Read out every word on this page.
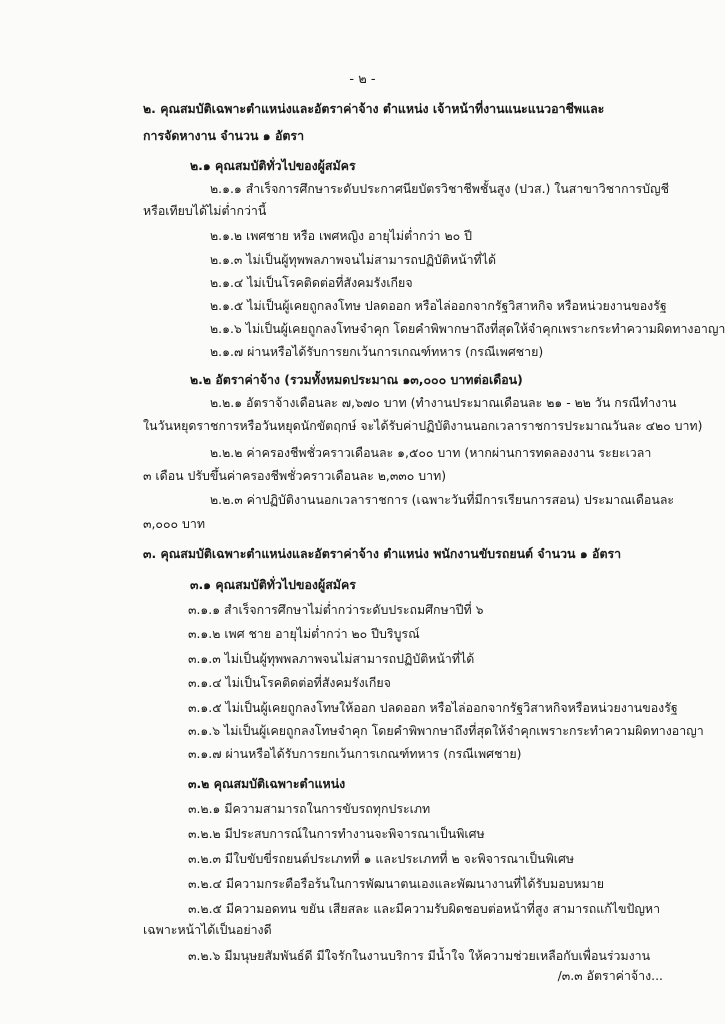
- ๒ -
๒. คุณสมบัติเฉพาะตำแหน่งและอัตราค่าจ้าง ตำแหน่ง เจ้าหน้าที่งานแนะแนวอาชีพและ
การจัดหางาน จำนวน ๑ อัตรา
๒.๑ คุณสมบัติทั่วไปของผู้สมัคร
๒.๑.๑ สำเร็จการศึกษาระดับประกาศนียบัตรวิชาชีพชั้นสูง (ปวส.) ในสาขาวิชาการบัญชี
หรือเทียบได้ไม่ต่ำกว่านี้
๒.๑.๒ เพศชาย หรือ เพศหญิง อายุไม่ต่ำกว่า ๒๐ ปี
๒.๑.๓ ไม่เป็นผู้ทุพพลภาพจนไม่สามารถปฏิบัติหน้าที่ได้
๒.๑.๔ ไม่เป็นโรคติดต่อที่สังคมรังเกียจ
๒.๑.๕ ไม่เป็นผู้เคยถูกลงโทษ ปลดออก หรือไล่ออกจากรัฐวิสาหกิจ หรือหน่วยงานของรัฐ
๒.๑.๖ ไม่เป็นผู้เคยถูกลงโทษจำคุก โดยคำพิพากษาถึงที่สุดให้จำคุกเพราะกระทำความผิดทางอาญา
๒.๑.๗ ผ่านหรือได้รับการยกเว้นการเกณฑ์ทหาร (กรณีเพศชาย)
๒.๒ อัตราค่าจ้าง (รวมทั้งหมดประมาณ ๑๓,๐๐๐ บาทต่อเดือน)
๒.๒.๑ อัตราจ้างเดือนละ ๗,๖๗๐ บาท (ทำงานประมาณเดือนละ ๒๑ - ๒๒ วัน กรณีทำงาน
ในวันหยุดราชการหรือวันหยุดนักขัตฤกษ์ จะได้รับค่าปฏิบัติงานนอกเวลาราชการประมาณวันละ ๔๒๐ บาท)
๒.๒.๒ ค่าครองชีพชั่วคราวเดือนละ ๑,๕๐๐ บาท (หากผ่านการทดลองงาน ระยะเวลา
๓ เดือน ปรับขึ้นค่าครองชีพชั่วคราวเดือนละ ๒,๓๓๐ บาท)
๒.๒.๓ ค่าปฏิบัติงานนอกเวลาราชการ (เฉพาะวันที่มีการเรียนการสอน) ประมาณเดือนละ
๓,๐๐๐ บาท
๓. คุณสมบัติเฉพาะตำแหน่งและอัตราค่าจ้าง ตำแหน่ง พนักงานขับรถยนต์ จำนวน ๑ อัตรา
๓.๑ คุณสมบัติทั่วไปของผู้สมัคร
๓.๑.๑ สำเร็จการศึกษาไม่ต่ำกว่าระดับประถมศึกษาปีที่ ๖
๓.๑.๒ เพศ ชาย อายุไม่ต่ำกว่า ๒๐ ปีบริบูรณ์
๓.๑.๓ ไม่เป็นผู้ทุพพลภาพจนไม่สามารถปฏิบัติหน้าที่ได้
๓.๑.๔ ไม่เป็นโรคติดต่อที่สังคมรังเกียจ
๓.๑.๕ ไม่เป็นผู้เคยถูกลงโทษให้ออก ปลดออก หรือไล่ออกจากรัฐวิสาหกิจหรือหน่วยงานของรัฐ
๓.๑.๖ ไม่เป็นผู้เคยถูกลงโทษจำคุก โดยคำพิพากษาถึงที่สุดให้จำคุกเพราะกระทำความผิดทางอาญา
๓.๑.๗ ผ่านหรือได้รับการยกเว้นการเกณฑ์ทหาร (กรณีเพศชาย)
๓.๒ คุณสมบัติเฉพาะตำแหน่ง
๓.๒.๑ มีความสามารถในการขับรถทุกประเภท
๓.๒.๒ มีประสบการณ์ในการทำงานจะพิจารณาเป็นพิเศษ
๓.๒.๓ มีใบขับขี่รถยนต์ประเภทที่ ๑ และประเภทที่ ๒ จะพิจารณาเป็นพิเศษ
๓.๒.๔ มีความกระตือรือร้นในการพัฒนาตนเองและพัฒนางานที่ได้รับมอบหมาย
๓.๒.๕ มีความอดทน ขยัน เสียสละ และมีความรับผิดชอบต่อหน้าที่สูง สามารถแก้ไขปัญหา
เฉพาะหน้าได้เป็นอย่างดี
๓.๒.๖ มีมนุษยสัมพันธ์ดี มีใจรักในงานบริการ มีน้ำใจ ให้ความช่วยเหลือกับเพื่อนร่วมงาน
/๓.๓ อัตราค่าจ้าง...
